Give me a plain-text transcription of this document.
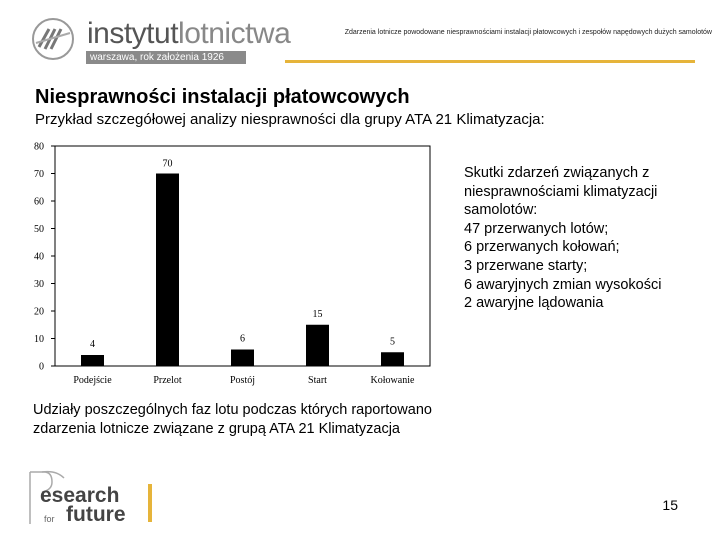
instytutlotnictwa
warszawa, rok założenia 1926
Zdarzenia lotnicze powodowane niesprawnościami instalacji płatowcowych i zespołów napędowych dużych samolotów
Niesprawności instalacji płatowcowych
Przykład szczegółowej analizy niesprawności dla grupy ATA 21 Klimatyzacja:
0
10
20
30
40
50
60
70
80
4
Podejście
70
Przelot
6
Postój
15
Start
5
Kołowanie
Skutki zdarzeń związanych z
niesprawnościami klimatyzacji
samolotów:
47 przerwanych lotów;
6 przerwanych kołowań;
3 przerwane starty;
6 awaryjnych zmian wysokości
2 awaryjne lądowania
Udziały poszczególnych faz lotu podczas których raportowano
zdarzenia lotnicze związane z grupą ATA 21 Klimatyzacja
esearch
future
for
15
